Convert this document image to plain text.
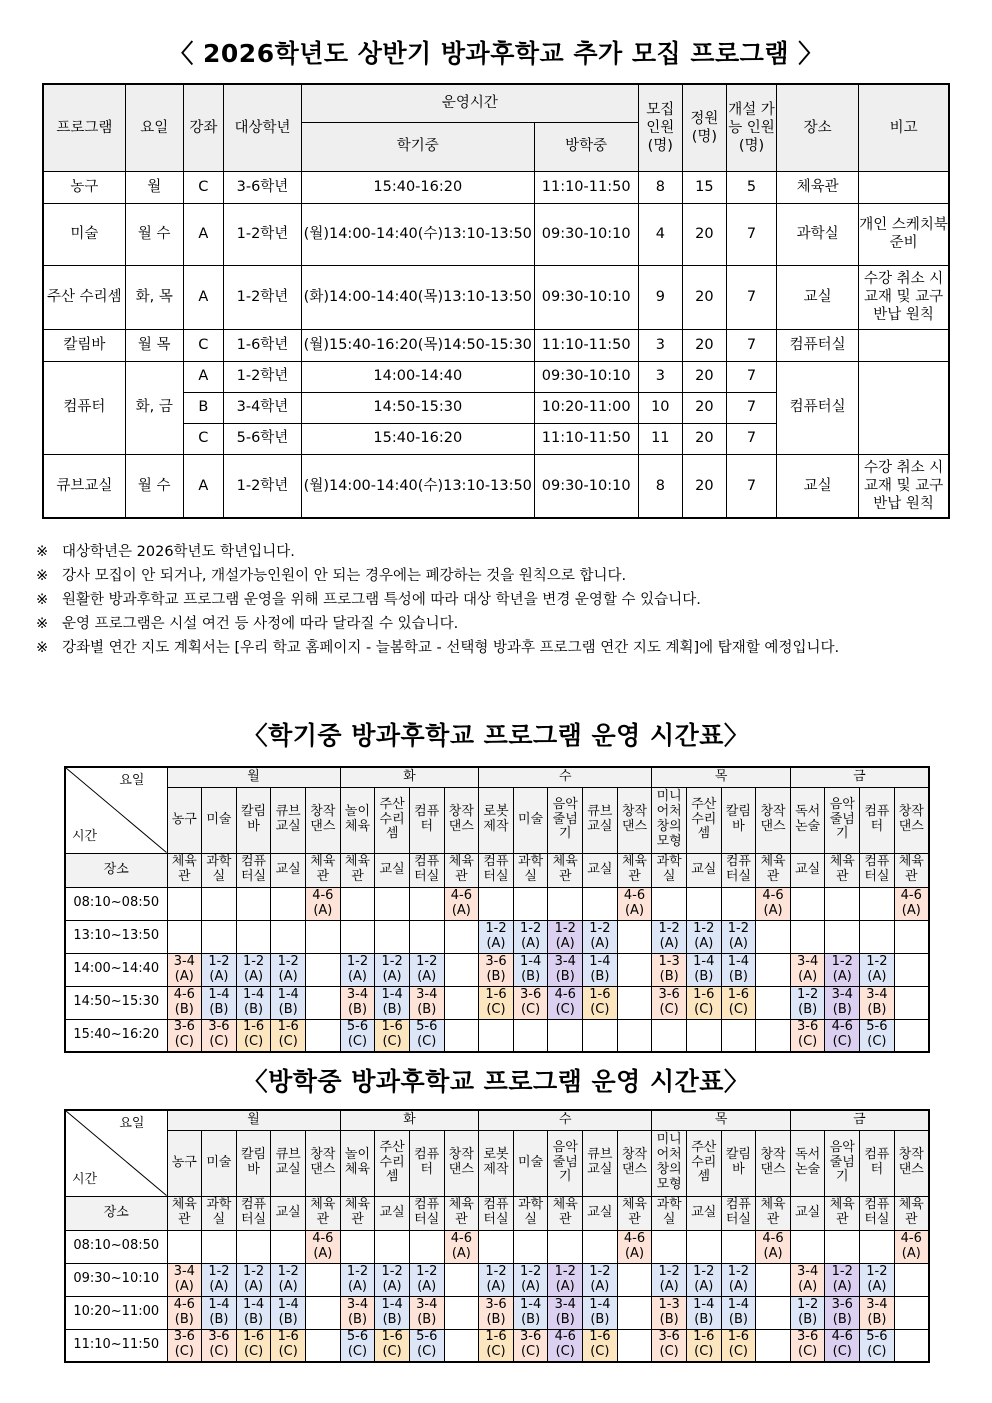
〈 2026학년도 상반기 방과후학교 추가 모집 프로그램 〉
프로그램	요일	강좌	대상학년	운영시간		모집 인원 (명)	정원 (명)	개설 가능 인원 (명)	장소	비고
				학기중	방학중					
농구	월	C	3-6학년	15:40-16:20	11:10-11:50	8	15	5	체육관	
미술	월 수	A	1-2학년	(월)14:00-14:40(수)13:10-13:50	09:30-10:10	4	20	7	과학실	개인 스케치북 준비
주산 수리셈	화, 목	A	1-2학년	(화)14:00-14:40(목)13:10-13:50	09:30-10:10	9	20	7	교실	수강 취소 시 교재 및 교구 반납 원칙
칼림바	월 목	C	1-6학년	(월)15:40-16:20(목)14:50-15:30	11:10-11:50	3	20	7	컴퓨터실	
컴퓨터	화, 금	A	1-2학년	14:00-14:40	09:30-10:10	3	20	7	컴퓨터실	
		B	3-4학년	14:50-15:30	10:20-11:00	10	20	7		
		C	5-6학년	15:40-16:20	11:10-11:50	11	20	7		
큐브교실	월 수	A	1-2학년	(월)14:00-14:40(수)13:10-13:50	09:30-10:10	8	20	7	교실	수강 취소 시 교재 및 교구 반납 원칙
※ 대상학년은 2026학년도 학년입니다.
※ 강사 모집이 안 되거나, 개설가능인원이 안 되는 경우에는 폐강하는 것을 원칙으로 합니다.
※ 원활한 방과후학교 프로그램 운영을 위해 프로그램 특성에 따라 대상 학년을 변경 운영할 수 있습니다.
※ 운영 프로그램은 시설 여건 등 사정에 따라 달라질 수 있습니다.
※ 강좌별 연간 지도 계획서는 [우리 학교 홈페이지 - 늘봄학교 - 선택형 방과후 프로그램 연간 지도 계획]에 탑재할 예정입니다.
〈학기중 방과후학교 프로그램 운영 시간표〉
요일
시간	월					화				수					목				금			
	농구	미술	칼림바	큐브교실	창작댄스	놀이체육	주산수리셈	컴퓨터	창작댄스	로봇제작	미술	음악줄넘기	큐브교실	창작댄스	미니어처창의모형	주산수리셈	칼림바	창작댄스	독서논술	음악줄넘기	컴퓨터	창작댄스
장소	체육관	과학실	컴퓨터실	교실	체육관	체육관	교실	컴퓨터실	체육관	컴퓨터실	과학실	체육관	교실	체육관	과학실	교실	컴퓨터실	체육관	교실	체육관	컴퓨터실	체육관
08:10~08:50					4-6 (A)				4-6 (A)					4-6 (A)				4-6 (A)				4-6 (A)
13:10~13:50										1-2 (A)	1-2 (A)	1-2 (A)	1-2 (A)		1-2 (A)	1-2 (A)	1-2 (A)					
14:00~14:40	3-4 (A)	1-2 (A)	1-2 (A)	1-2 (A)		1-2 (A)	1-2 (A)	1-2 (A)		3-6 (B)	1-4 (B)	3-4 (B)	1-4 (B)		1-3 (B)	1-4 (B)	1-4 (B)		3-4 (A)	1-2 (A)	1-2 (A)	
14:50~15:30	4-6 (B)	1-4 (B)	1-4 (B)	1-4 (B)		3-4 (B)	1-4 (B)	3-4 (B)		1-6 (C)	3-6 (C)	4-6 (C)	1-6 (C)		3-6 (C)	1-6 (C)	1-6 (C)		1-2 (B)	3-4 (B)	3-4 (B)	
15:40~16:20	3-6 (C)	3-6 (C)	1-6 (C)	1-6 (C)		5-6 (C)	1-6 (C)	5-6 (C)											3-6 (C)	4-6 (C)	5-6 (C)	
〈방학중 방과후학교 프로그램 운영 시간표〉
요일
시간	월					화				수					목				금			
	농구	미술	칼림바	큐브교실	창작댄스	놀이체육	주산수리셈	컴퓨터	창작댄스	로봇제작	미술	음악줄넘기	큐브교실	창작댄스	미니어처창의모형	주산수리셈	칼림바	창작댄스	독서논술	음악줄넘기	컴퓨터	창작댄스
장소	체육관	과학실	컴퓨터실	교실	체육관	체육관	교실	컴퓨터실	체육관	컴퓨터실	과학실	체육관	교실	체육관	과학실	교실	컴퓨터실	체육관	교실	체육관	컴퓨터실	체육관
08:10~08:50					4-6 (A)				4-6 (A)					4-6 (A)				4-6 (A)				4-6 (A)
09:30~10:10	3-4 (A)	1-2 (A)	1-2 (A)	1-2 (A)		1-2 (A)	1-2 (A)	1-2 (A)		1-2 (A)	1-2 (A)	1-2 (A)	1-2 (A)		1-2 (A)	1-2 (A)	1-2 (A)		3-4 (A)	1-2 (A)	1-2 (A)	
10:20~11:00	4-6 (B)	1-4 (B)	1-4 (B)	1-4 (B)		3-4 (B)	1-4 (B)	3-4 (B)		3-6 (B)	1-4 (B)	3-4 (B)	1-4 (B)		1-3 (B)	1-4 (B)	1-4 (B)		1-2 (B)	3-6 (B)	3-4 (B)	
11:10~11:50	3-6 (C)	3-6 (C)	1-6 (C)	1-6 (C)		5-6 (C)	1-6 (C)	5-6 (C)		1-6 (C)	3-6 (C)	4-6 (C)	1-6 (C)		3-6 (C)	1-6 (C)	1-6 (C)		3-6 (C)	4-6 (C)	5-6 (C)	
